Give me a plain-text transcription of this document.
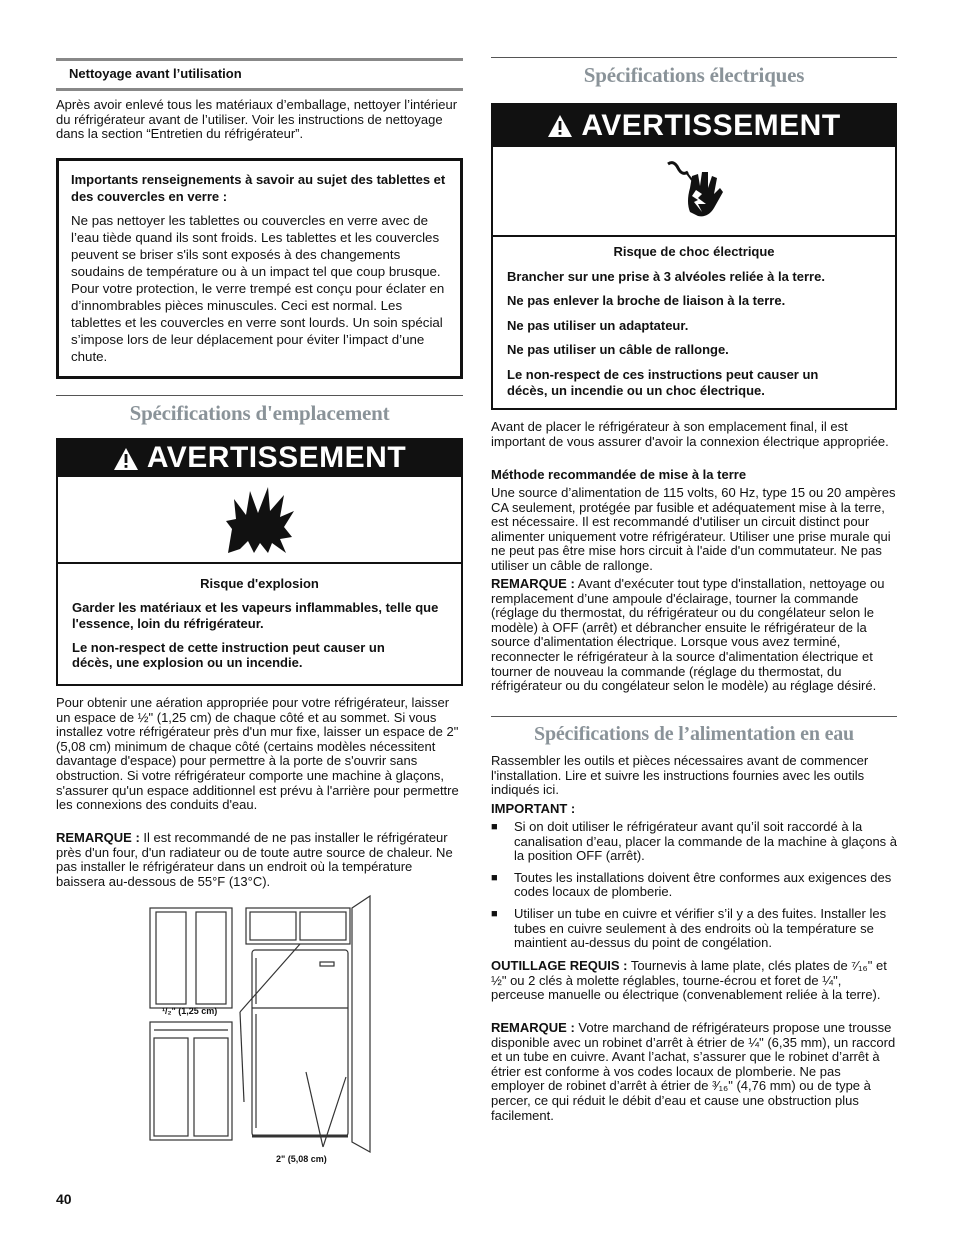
Nettoyage avant l’utilisation

Après avoir enlevé tous les matériaux d’emballage, nettoyer l’intérieur du réfrigérateur avant de l’utiliser. Voir les instructions de nettoyage dans la section “Entretien du réfrigérateur”.

Importants renseignements à savoir au sujet des tablettes et des couvercles en verre :

Ne pas nettoyer les tablettes ou couvercles en verre avec de l’eau tiède quand ils sont froids. Les tablettes et les couvercles peuvent se briser s'ils sont exposés à des changements soudains de température ou à un impact tel que coup brusque. Pour votre protection, le verre trempé est conçu pour éclater en d’innombrables pièces minuscules. Ceci est normal. Les tablettes et les couvercles en verre sont lourds. Un soin spécial s’impose lors de leur déplacement pour éviter l’impact d’une chute.

Spécifications d'emplacement
AVERTISSEMENT

Risque d'explosion

Garder les matériaux et les vapeurs inflammables, telle que l'essence, loin du réfrigérateur.

Le non-respect de cette instruction peut causer un décès, une explosion ou un incendie.

Pour obtenir une aération appropriée pour votre réfrigérateur, laisser un espace de ½" (1,25 cm) de chaque côté et au sommet. Si vous installez votre réfrigérateur près d'un mur fixe, laisser un espace de 2" (5,08 cm) minimum de chaque côté (certains modèles nécessitent davantage d'espace) pour permettre à la porte de s'ouvrir sans obstruction. Si votre réfrigérateur comporte une machine à glaçons, s'assurer qu'un espace additionnel est prévu à l'arrière pour permettre les connexions des conduits d'eau.

REMARQUE : Il est recommandé de ne pas installer le réfrigérateur près d'un four, d'un radiateur ou de toute autre source de chaleur. Ne pas installer le réfrigérateur dans un endroit où la température baissera au-dessous de 55°F (13°C).

¹/₂" (1,25 cm)
2" (5,08 cm)
40
Spécifications électriques
AVERTISSEMENT

Risque de choc électrique

Brancher sur une prise à 3 alvéoles reliée à la terre.

Ne pas enlever la broche de liaison à la terre.

Ne pas utiliser un adaptateur.

Ne pas utiliser un câble de rallonge.

Le non-respect de ces instructions peut causer un décès, un incendie ou un choc électrique.

Avant de placer le réfrigérateur à son emplacement final, il est important de vous assurer d'avoir la connexion électrique appropriée.

Méthode recommandée de mise à la terre

Une source d’alimentation de 115 volts, 60 Hz, type 15 ou 20 ampères CA seulement, protégée par fusible et adéquatement mise à la terre, est nécessaire. Il est recommandé d'utiliser un circuit distinct pour alimenter uniquement votre réfrigérateur. Utiliser une prise murale qui ne peut pas être mise hors circuit à l'aide d'un commutateur. Ne pas utiliser un câble de rallonge.

REMARQUE : Avant d'exécuter tout type d'installation, nettoyage ou remplacement d’une ampoule d'éclairage, tourner la commande (réglage du thermostat, du réfrigérateur ou du congélateur selon le modèle) à OFF (arrêt) et débrancher ensuite le réfrigérateur de la source d'alimentation électrique. Lorsque vous avez terminé, reconnecter le réfrigérateur à la source d'alimentation électrique et tourner de nouveau la commande (réglage du thermostat, du réfrigérateur ou du congélateur selon le modèle) au réglage désiré.

Spécifications de l’alimentation en eau

Rassembler les outils et pièces nécessaires avant de commencer l'installation. Lire et suivre les instructions fournies avec les outils indiqués ici.

IMPORTANT :

■ Si on doit utiliser le réfrigérateur avant qu’il soit raccordé à la canalisation d’eau, placer la commande de la machine à glaçons à la position OFF (arrêt).
■ Toutes les installations doivent être conformes aux exigences des codes locaux de plomberie.
■ Utiliser un tube en cuivre et vérifier s’il y a des fuites. Installer les tubes en cuivre seulement à des endroits où la température se maintient au-dessus du point de congélation.

OUTILLAGE REQUIS : Tournevis à lame plate, clés plates de ⁷⁄₁₆" et ½" ou 2 clés à molette réglables, tourne-écrou et foret de ¼", perceuse manuelle ou électrique (convenablement reliée à la terre).

REMARQUE : Votre marchand de réfrigérateurs propose une trousse disponible avec un robinet d’arrêt à étrier de ¼" (6,35 mm), un raccord et un tube en cuivre. Avant l’achat, s’assurer que le robinet d’arrêt à étrier est conforme à vos codes locaux de plomberie. Ne pas employer de robinet d’arrêt à étrier de ³⁄₁₆" (4,76 mm) ou de type à percer, ce qui réduit le débit d’eau et cause une obstruction plus facilement.
